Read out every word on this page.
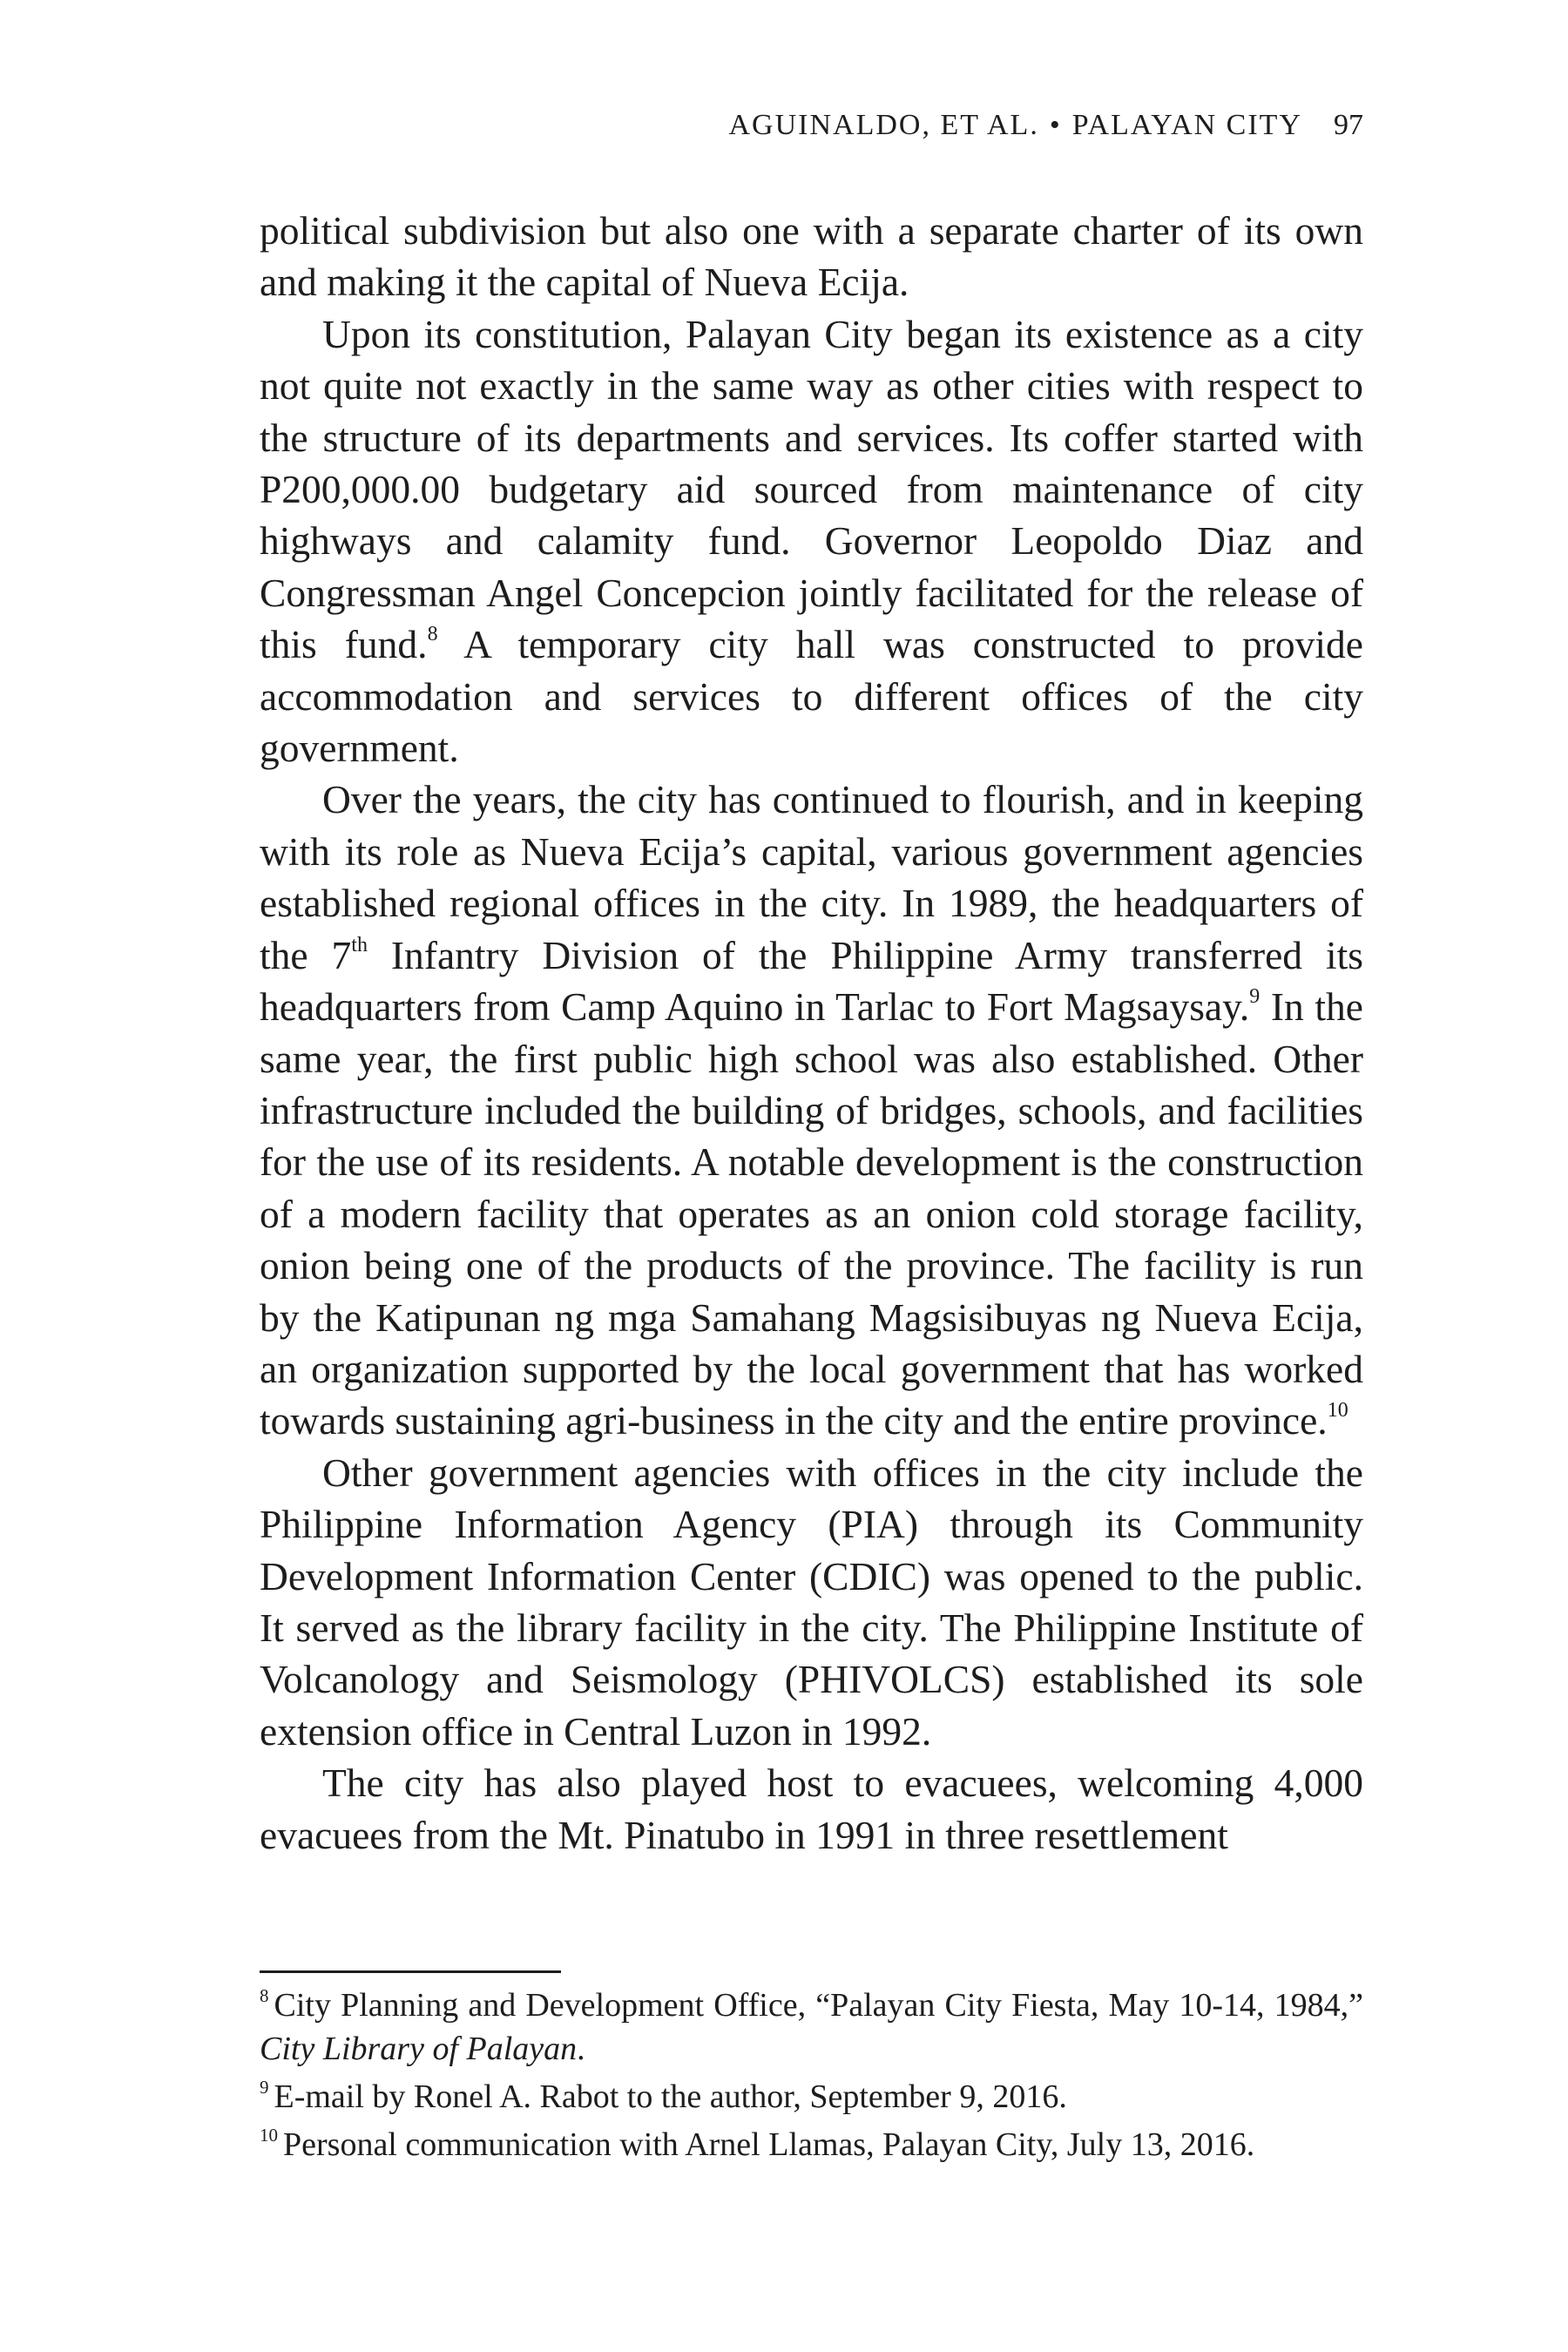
AGUINALDO, ET AL. • PALAYAN CITY 97

political subdivision but also one with a separate charter of its own and making it the capital of Nueva Ecija.

Upon its constitution, Palayan City began its existence as a city not quite not exactly in the same way as other cities with respect to the structure of its departments and services. Its coffer started with P200,000.00 budgetary aid sourced from maintenance of city highways and calamity fund. Governor Leopoldo Diaz and Congressman Angel Concepcion jointly facilitated for the release of this fund.$^8$ A temporary city hall was constructed to provide accommodation and services to different offices of the city government.

Over the years, the city has continued to flourish, and in keeping with its role as Nueva Ecija’s capital, various government agencies established regional offices in the city. In 1989, the headquarters of the 7th Infantry Division of the Philippine Army transferred its headquarters from Camp Aquino in Tarlac to Fort Magsaysay.$^9$ In the same year, the first public high school was also established. Other infrastructure included the building of bridges, schools, and facilities for the use of its residents. A notable development is the construction of a modern facility that operates as an onion cold storage facility, onion being one of the products of the province. The facility is run by the Katipunan ng mga Samahang Magsisibuyas ng Nueva Ecija, an organization supported by the local government that has worked towards sustaining agri-business in the city and the entire province.$^{10}$

Other government agencies with offices in the city include the Philippine Information Agency (PIA) through its Community Development Information Center (CDIC) was opened to the public. It served as the library facility in the city. The Philippine Institute of Volcanology and Seismology (PHIVOLCS) established its sole extension office in Central Luzon in 1992.

The city has also played host to evacuees, welcoming 4,000 evacuees from the Mt. Pinatubo in 1991 in three resettlement

$^8$ City Planning and Development Office, “Palayan City Fiesta, May 10-14, 1984,” City Library of Palayan.
$^9$ E-mail by Ronel A. Rabot to the author, September 9, 2016.
$^{10}$ Personal communication with Arnel Llamas, Palayan City, July 13, 2016.
